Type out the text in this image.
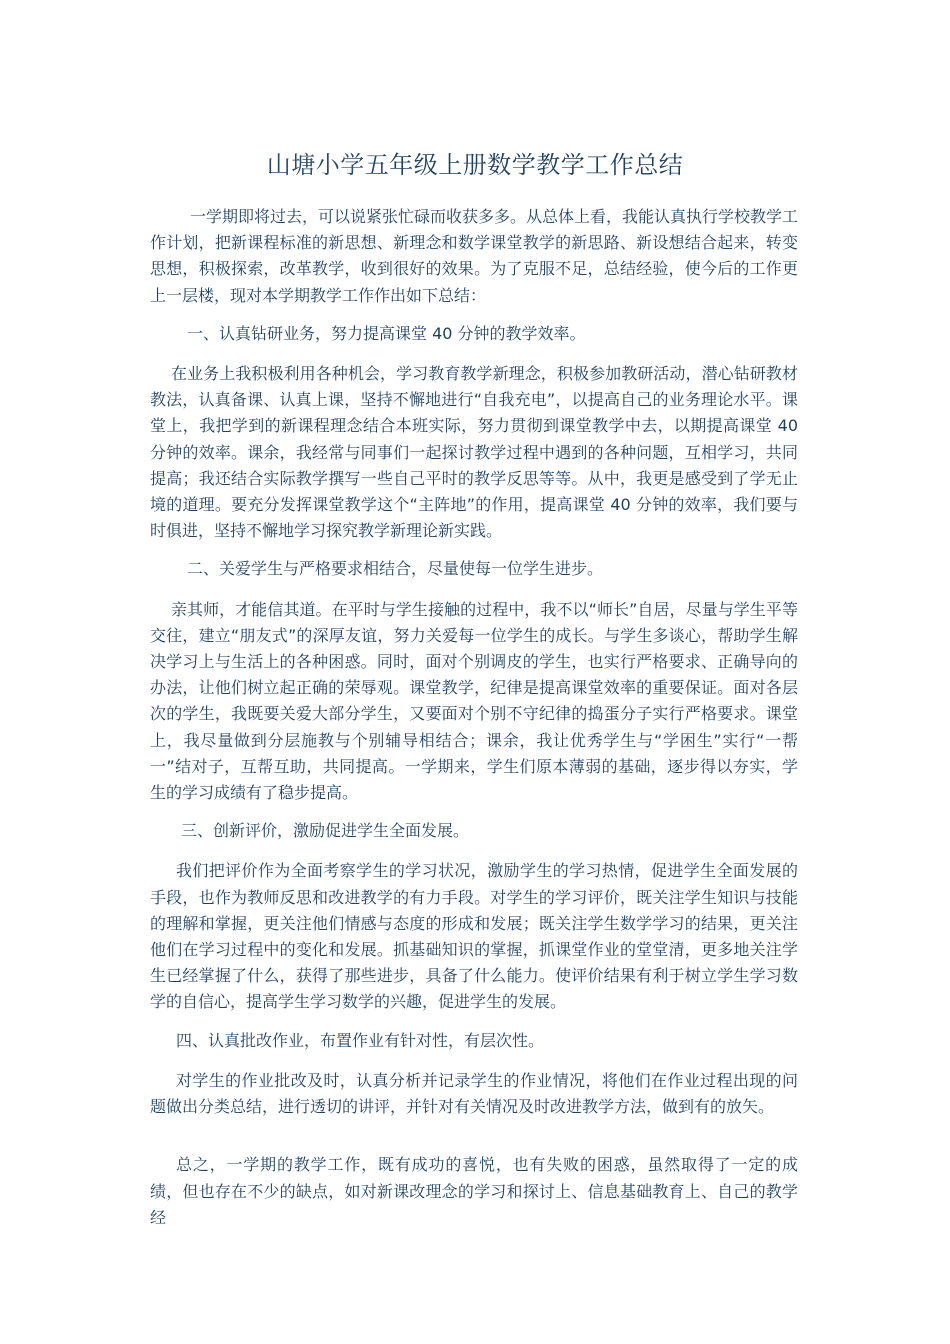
山塘小学五年级上册数学教学工作总结

一学期即将过去，可以说紧张忙碌而收获多多。从总体上看，我能认真执行学校教学工作计划，把新课程标准的新思想、新理念和数学课堂教学的新思路、新设想结合起来，转变思想，积极探索，改革教学，收到很好的效果。为了克服不足，总结经验，使今后的工作更上一层楼，现对本学期教学工作作出如下总结：

一、认真钻研业务，努力提高课堂 40 分钟的教学效率。

在业务上我积极利用各种机会，学习教育教学新理念，积极参加教研活动，潜心钻研教材教法，认真备课、认真上课，坚持不懈地进行“自我充电”，以提高自己的业务理论水平。课堂上，我把学到的新课程理念结合本班实际，努力贯彻到课堂教学中去，以期提高课堂 40 分钟的效率。课余，我经常与同事们一起探讨教学过程中遇到的各种问题，互相学习，共同提高；我还结合实际教学撰写一些自己平时的教学反思等等。从中，我更是感受到了学无止境的道理。要充分发挥课堂教学这个“主阵地”的作用，提高课堂 40 分钟的效率，我们要与时俱进，坚持不懈地学习探究教学新理论新实践。

二、关爱学生与严格要求相结合，尽量使每一位学生进步。

亲其师，才能信其道。在平时与学生接触的过程中，我不以“师长”自居，尽量与学生平等交往，建立“朋友式”的深厚友谊，努力关爱每一位学生的成长。与学生多谈心，帮助学生解决学习上与生活上的各种困惑。同时，面对个别调皮的学生，也实行严格要求、正确导向的办法，让他们树立起正确的荣辱观。课堂教学，纪律是提高课堂效率的重要保证。面对各层次的学生，我既要关爱大部分学生，又要面对个别不守纪律的捣蛋分子实行严格要求。课堂上，我尽量做到分层施教与个别辅导相结合；课余，我让优秀学生与“学困生”实行“一帮一”结对子，互帮互助，共同提高。一学期来，学生们原本薄弱的基础，逐步得以夯实，学生的学习成绩有了稳步提高。

三、创新评价，激励促进学生全面发展。

我们把评价作为全面考察学生的学习状况，激励学生的学习热情，促进学生全面发展的手段，也作为教师反思和改进教学的有力手段。对学生的学习评价，既关注学生知识与技能的理解和掌握，更关注他们情感与态度的形成和发展；既关注学生数学学习的结果，更关注他们在学习过程中的变化和发展。抓基础知识的掌握，抓课堂作业的堂堂清，更多地关注学生已经掌握了什么，获得了那些进步，具备了什么能力。使评价结果有利于树立学生学习数学的自信心，提高学生学习数学的兴趣，促进学生的发展。

四、认真批改作业，布置作业有针对性，有层次性。

对学生的作业批改及时，认真分析并记录学生的作业情况，将他们在作业过程出现的问题做出分类总结，进行透切的讲评，并针对有关情况及时改进教学方法，做到有的放矢。

总之，一学期的教学工作，既有成功的喜悦，也有失败的困惑，虽然取得了一定的成绩，但也存在不少的缺点，如对新课改理念的学习和探讨上、信息基础教育上、自己的教学经
